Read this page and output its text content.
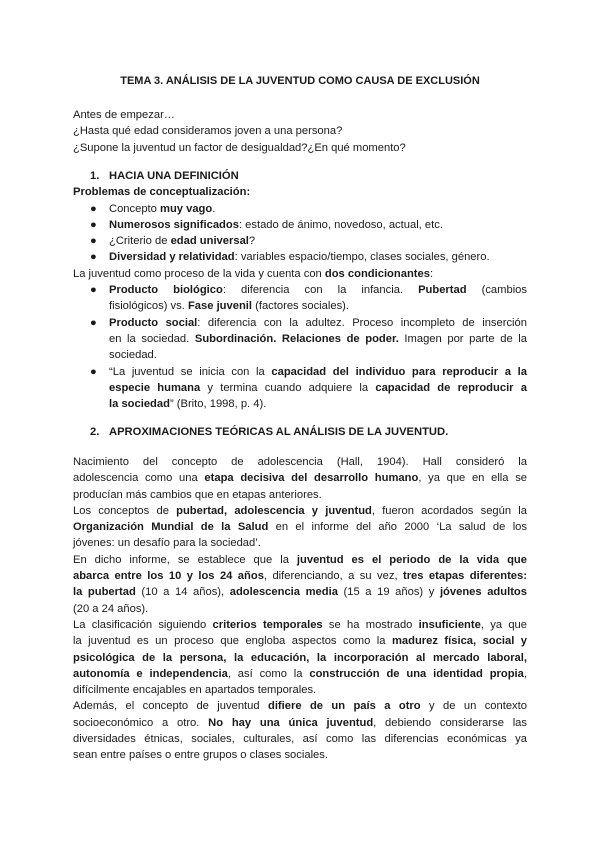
TEMA 3. ANÁLISIS DE LA JUVENTUD COMO CAUSA DE EXCLUSIÓN
Antes de empezar…
¿Hasta qué edad consideramos joven a una persona?
¿Supone la juventud un factor de desigualdad?¿En qué momento?
1. HACIA UNA DEFINICIÓN
Problemas de conceptualización:
● Concepto muy vago.
● Numerosos significados: estado de ánimo, novedoso, actual, etc.
● ¿Criterio de edad universal?
● Diversidad y relatividad: variables espacio/tiempo, clases sociales, género.
La juventud como proceso de la vida y cuenta con dos condicionantes:
● Producto biológico: diferencia con la infancia. Pubertad (cambios
fisiológicos) vs. Fase juvenil (factores sociales).
● Producto social: diferencia con la adultez. Proceso incompleto de inserción
en la sociedad. Subordinación. Relaciones de poder. Imagen por parte de la
sociedad.
● “La juventud se inicia con la capacidad del individuo para reproducir a la
especie humana y termina cuando adquiere la capacidad de reproducir a
la sociedad” (Brito, 1998, p. 4).
2. APROXIMACIONES TEÓRICAS AL ANÁLISIS DE LA JUVENTUD.
Nacimiento del concepto de adolescencia (Hall, 1904). Hall consideró la
adolescencia como una etapa decisiva del desarrollo humano, ya que en ella se
producían más cambios que en etapas anteriores.
Los conceptos de pubertad, adolescencia y juventud, fueron acordados según la
Organización Mundial de la Salud en el informe del año 2000 ‘La salud de los
jóvenes: un desafío para la sociedad’.
En dicho informe, se establece que la juventud es el periodo de la vida que
abarca entre los 10 y los 24 años, diferenciando, a su vez, tres etapas diferentes:
la pubertad (10 a 14 años), adolescencia media (15 a 19 años) y jóvenes adultos
(20 a 24 años).
La clasificación siguiendo criterios temporales se ha mostrado insuficiente, ya que
la juventud es un proceso que engloba aspectos como la madurez física, social y
psicológica de la persona, la educación, la incorporación al mercado laboral,
autonomía e independencia, así como la construcción de una identidad propia,
difícilmente encajables en apartados temporales.
Además, el concepto de juventud difiere de un país a otro y de un contexto
socioeconómico a otro. No hay una única juventud, debiendo considerarse las
diversidades étnicas, sociales, culturales, así como las diferencias económicas ya
sean entre países o entre grupos o clases sociales.
